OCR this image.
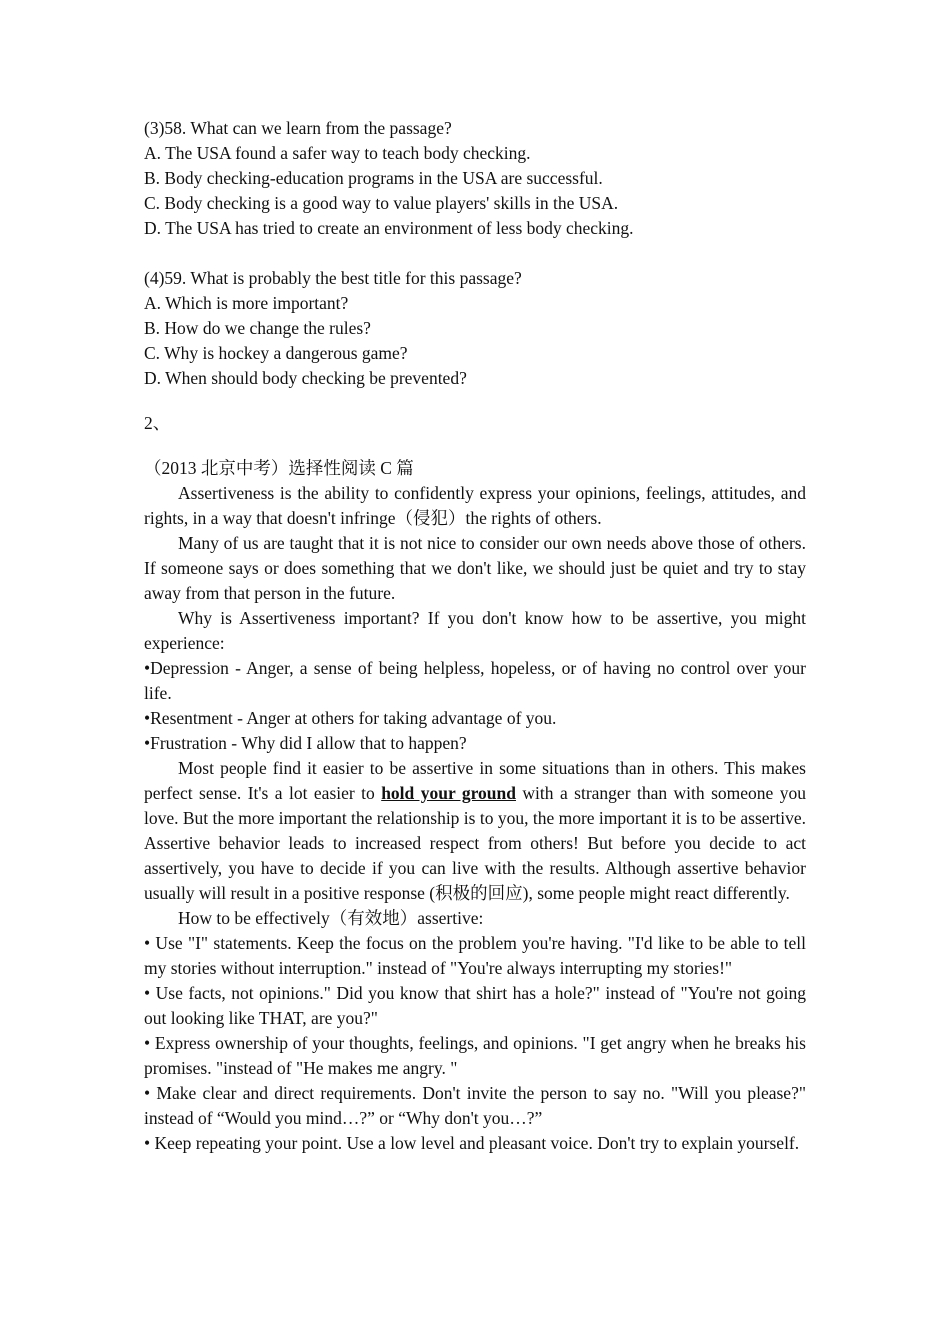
(3)58. What can we learn from the passage?

A. The USA found a safer way to teach body checking.

B. Body checking-education programs in the USA are successful.

C. Body checking is a good way to value players' skills in the USA.

D. The USA has tried to create an environment of less body checking.

(4)59. What is probably the best title for this passage?

A. Which is more important?

B. How do we change the rules?

C. Why is hockey a dangerous game?

D. When should body checking be prevented?

2、

（2013 北京中考）选择性阅读 C 篇

Assertiveness is the ability to confidently express your opinions, feelings, attitudes, and rights, in a way that doesn't infringe（侵犯）the rights of others.

Many of us are taught that it is not nice to consider our own needs above those of others. If someone says or does something that we don't like, we should just be quiet and try to stay away from that person in the future.

Why is Assertiveness important? If you don't know how to be assertive, you might experience:

•Depression - Anger, a sense of being helpless, hopeless, or of having no control over your life.

•Resentment - Anger at others for taking advantage of you.

•Frustration - Why did I allow that to happen?

Most people find it easier to be assertive in some situations than in others. This makes perfect sense. It's a lot easier to hold your ground with a stranger than with someone you love. But the more important the relationship is to you, the more important it is to be assertive. Assertive behavior leads to increased respect from others! But before you decide to act assertively, you have to decide if you can live with the results. Although assertive behavior usually will result in a positive response (积极的回应), some people might react differently.

How to be effectively（有效地）assertive:

• Use "I" statements. Keep the focus on the problem you're having. "I'd like to be able to tell my stories without interruption." instead of "You're always interrupting my stories!"

• Use facts, not opinions." Did you know that shirt has a hole?" instead of "You're not going out looking like THAT, are you?"

• Express ownership of your thoughts, feelings, and opinions. "I get angry when he breaks his promises. "instead of "He makes me angry. "

• Make clear and direct requirements. Don't invite the person to say no. "Will you please?" instead of “Would you mind…?” or “Why don't you…?”

• Keep repeating your point. Use a low level and pleasant voice. Don't try to explain yourself.
